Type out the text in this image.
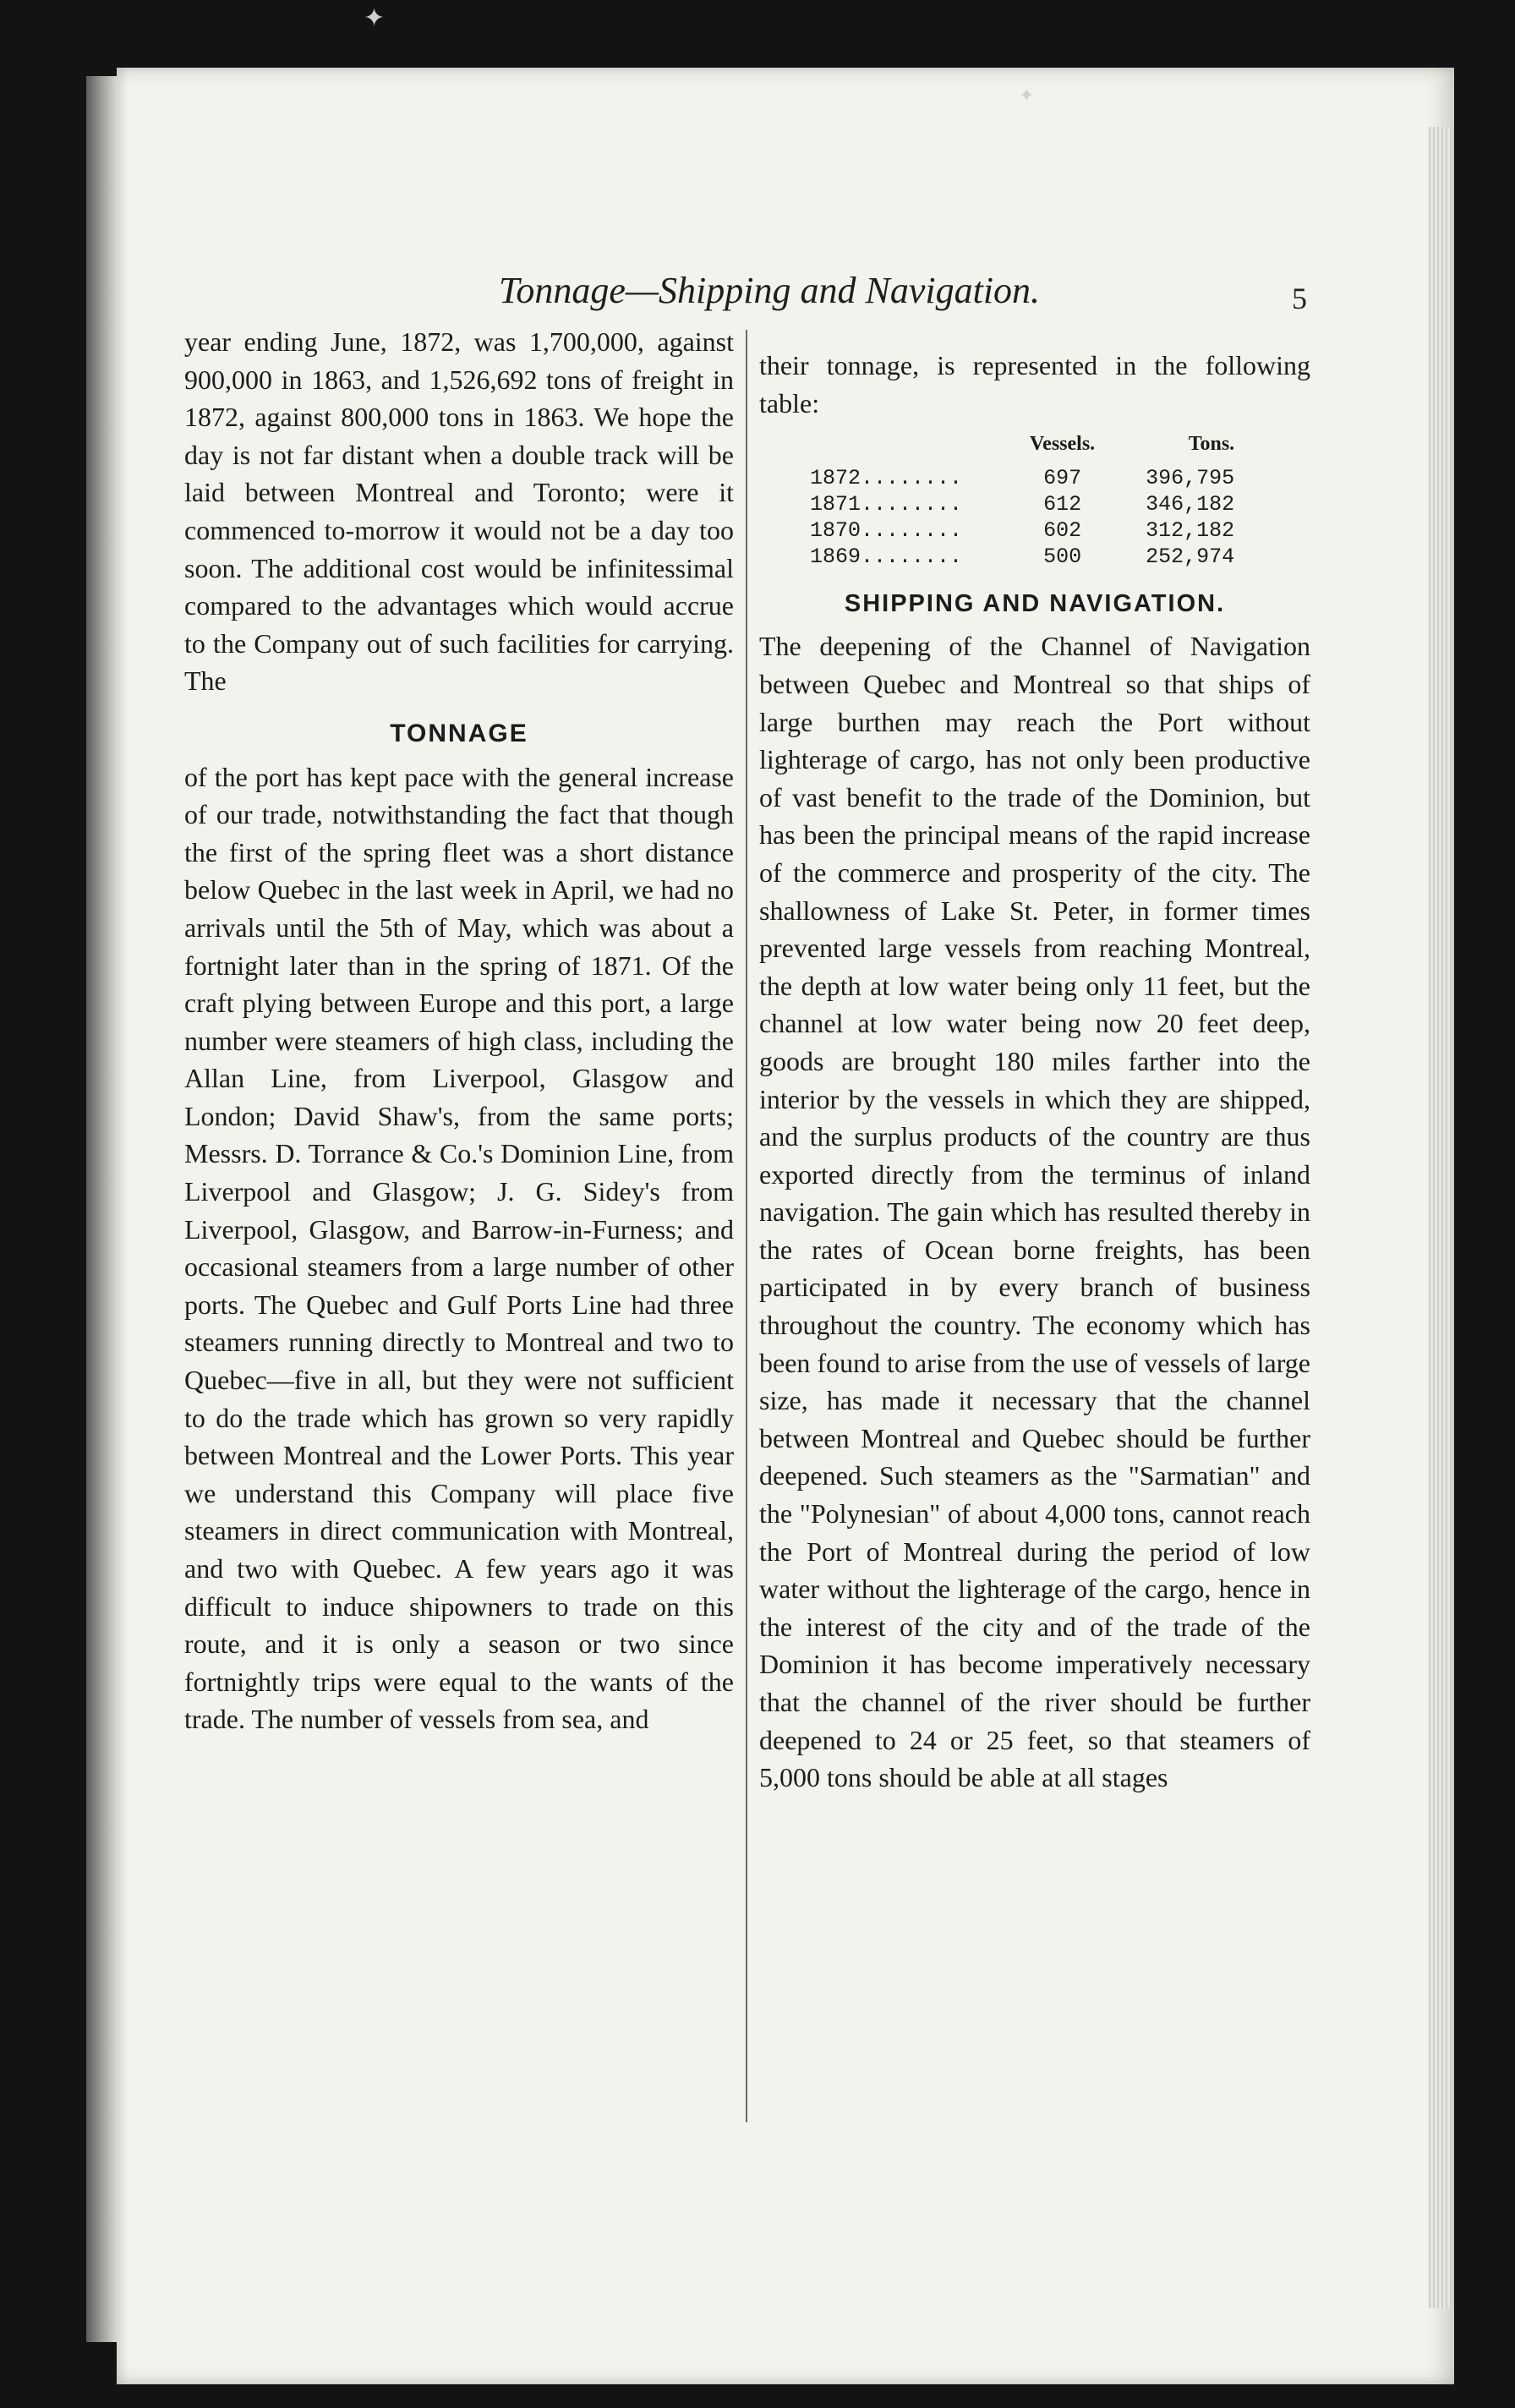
✦
✦
Tonnage—Shipping and Navigation.	5

year ending June, 1872, was 1,700,000, against 900,000 in 1863, and 1,526,692 tons of freight in 1872, against 800,000 tons in 1863. We hope the day is not far distant when a double track will be laid between Montreal and Toronto; were it commenced to-morrow it would not be a day too soon. The additional cost would be infinitessimal compared to the advantages which would accrue to the Company out of such facilities for carrying. The

TONNAGE

of the port has kept pace with the general increase of our trade, notwithstanding the fact that though the first of the spring fleet was a short distance below Quebec in the last week in April, we had no arrivals until the 5th of May, which was about a fortnight later than in the spring of 1871. Of the craft plying between Europe and this port, a large number were steamers of high class, including the Allan Line, from Liverpool, Glasgow and London; David Shaw's, from the same ports; Messrs. D. Torrance & Co.'s Dominion Line, from Liverpool and Glasgow; J. G. Sidey's from Liverpool, Glasgow, and Barrow-in-Furness; and occasional steamers from a large number of other ports. The Quebec and Gulf Ports Line had three steamers running directly to Montreal and two to Quebec—five in all, but they were not sufficient to do the trade which has grown so very rapidly between Montreal and the Lower Ports. This year we understand this Company will place five steamers in direct communication with Montreal, and two with Quebec. A few years ago it was difficult to induce shipowners to trade on this route, and it is only a season or two since fortnightly trips were equal to the wants of the trade. The number of vessels from sea, and

their tonnage, is represented in the following table:

	Vessels.	Tons.
1872........	697	396,795
1871........	612	346,182
1870........	602	312,182
1869........	500	252,974
SHIPPING AND NAVIGATION.

The deepening of the Channel of Navigation between Quebec and Montreal so that ships of large burthen may reach the Port without lighterage of cargo, has not only been productive of vast benefit to the trade of the Dominion, but has been the principal means of the rapid increase of the commerce and prosperity of the city. The shallowness of Lake St. Peter, in former times prevented large vessels from reaching Montreal, the depth at low water being only 11 feet, but the channel at low water being now 20 feet deep, goods are brought 180 miles farther into the interior by the vessels in which they are shipped, and the surplus products of the country are thus exported directly from the terminus of inland navigation. The gain which has resulted thereby in the rates of Ocean borne freights, has been participated in by every branch of business throughout the country. The economy which has been found to arise from the use of vessels of large size, has made it necessary that the channel between Montreal and Quebec should be further deepened. Such steamers as the "Sarmatian" and the "Polynesian" of about 4,000 tons, cannot reach the Port of Montreal during the period of low water without the lighterage of the cargo, hence in the interest of the city and of the trade of the Dominion it has become imperatively necessary that the channel of the river should be further deepened to 24 or 25 feet, so that steamers of 5,000 tons should be able at all stages
